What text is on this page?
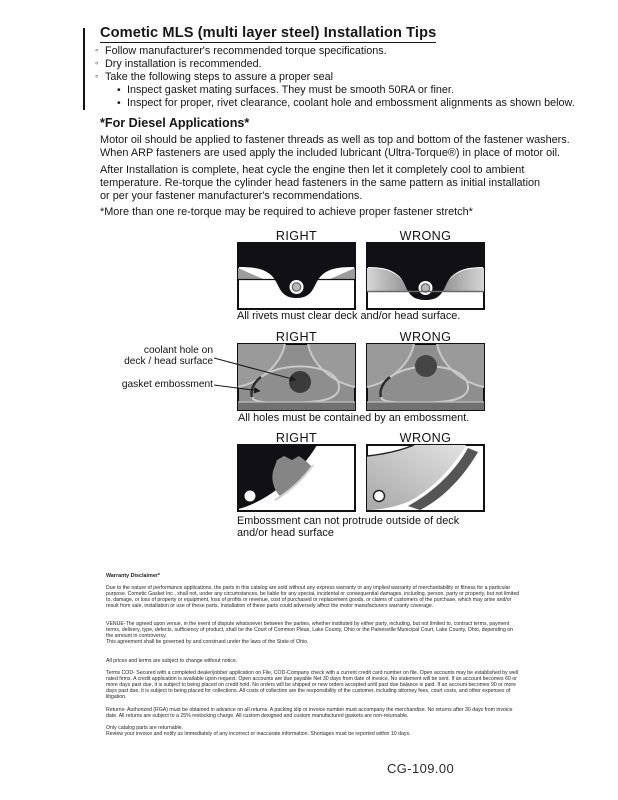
Cometic MLS (multi layer steel) Installation Tips
◦ Follow manufacturer's recommended torque specifications.
◦ Dry installation is recommended.
◦ Take the following steps to assure a proper seal
• Inspect gasket mating surfaces. They must be smooth 50RA or finer.
• Inspect for proper, rivet clearance, coolant hole and embossment alignments as shown below.
*For Diesel Applications*
Motor oil should be applied to fastener threads as well as top and bottom of the fastener washers.
When ARP fasteners are used apply the included lubricant (Ultra-Torque®) in place of motor oil.
After Installation is complete, heat cycle the engine then let it completely cool to ambient
temperature. Re-torque the cylinder head fasteners in the same pattern as initial installation
or per your fastener manufacturer's recommendations.
*More than one re-torque may be required to achieve proper fastener stretch*
RIGHT	WRONG
All rivets must clear deck and/or head surface.
RIGHT	WRONG
coolant hole on
deck / head surface
gasket embossment
All holes must be contained by an embossment.
RIGHT	WRONG
Embossment can not protrude outside of deck
and/or head surface
Warranty Disclaimer*

Due to the nature of performance applications, the parts in this catalog are sold without any express warranty or any implied warranty of merchantability or fitness for a particular purpose. Cometic Gasket Inc., shall not, under any circumstances, be liable for any special, incidental or consequential damages, including, person, party or property, but not limited to, damage, or loss of property or equipment, loss of profits or revenue, cost of purchased or replacement goods, or claims of customers of the purchase, which may arise and/or result from sale, installation or use of these parts. Installation of these parts could adversely affect the motor manufacturers warranty coverage.

VENUE-The agreed upon venue, in the event of dispute whatsoever between the parties, whether instituted by either party, including, but not limited to, contract terms, payment terms, delivery, type, defects, sufficiency of product, shall be the Court of Common Pleas, Lake County, Ohio or the Painesville Municipal Court, Lake County, Ohio, depending on the amount in controversy.

This agreement shall be governed by and construed under the laws of the State of Ohio.

All prices and terms are subject to change without notice.

Terms COD- Secured with a completed dealer/jobber application on File, COD-Company check with a current credit card number on file. Open accounts may be established by well rated firms. A credit application is available upon request. Open accounts are due payable Net 30 days from date of invoice. No statement will be sent. If an account becomes 60 or more days past due, it is subject to being placed on credit hold. No orders will be shipped or new orders accepted until past due balance is paid. If an account becomes 90 or more days past due, it is subject to being placed for collections. All costs of collection are the responsibility of the customer, including attorney fees, court costs, and other expenses of litigation.

Returns- Authorized (RGA) must be obtained in advance on all returns. A packing slip or invoice number must accompany the merchandise. No returns after 30 days from invoice date. All returns are subject to a 25% restocking charge. All custom designed and custom manufactured gaskets are non-returnable.

Only catalog parts are returnable.

Review your invoice and notify us immediately of any incorrect or inaccurate information. Shortages must be reported within 10 days.

CG-109.00
